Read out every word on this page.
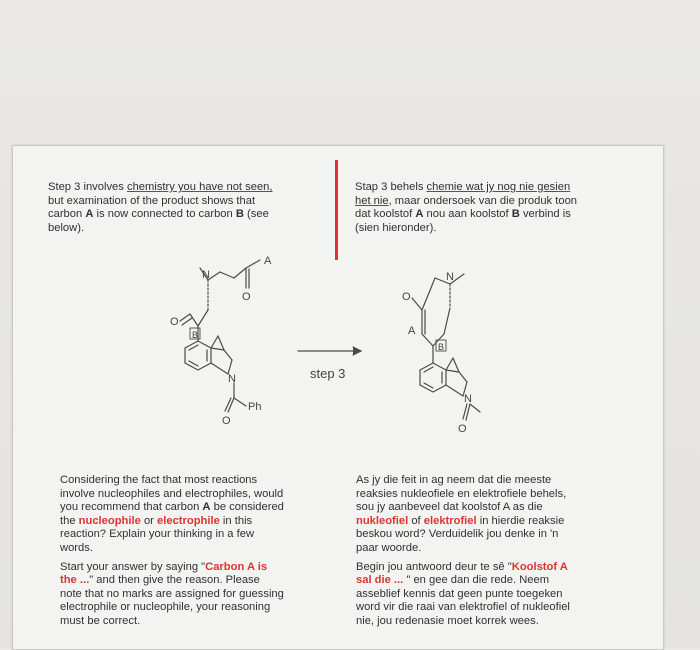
Step 3 involves chemistry you have not seen,
but examination of the product shows that
carbon A is now connected to carbon B (see
below).
Stap 3 behels chemie wat jy nog nie gesien
het nie, maar ondersoek van die produk toon
dat koolstof A nou aan koolstof B verbind is
(sien hieronder).
O
B
N
A
O
N
Ph
O
step 3
O
N
A
B
N
O
Considering the fact that most reactions
involve nucleophiles and electrophiles, would
you recommend that carbon A be considered
the nucleophile or electrophile in this
reaction? Explain your thinking in a few
words.
Start your answer by saying "Carbon A is
the ..." and then give the reason. Please
note that no marks are assigned for guessing
electrophile or nucleophile, your reasoning
must be correct.
As jy die feit in ag neem dat die meeste
reaksies nukleofiele en elektrofiele behels,
sou jy aanbeveel dat koolstof A as die
nukleofiel of elektrofiel in hierdie reaksie
beskou word? Verduidelik jou denke in 'n
paar woorde.
Begin jou antwoord deur te sê "Koolstof A
sal die ... " en gee dan die rede. Neem
asseblief kennis dat geen punte toegeken
word vir die raai van elektrofiel of nukleofiel
nie, jou redenasie moet korrek wees.
